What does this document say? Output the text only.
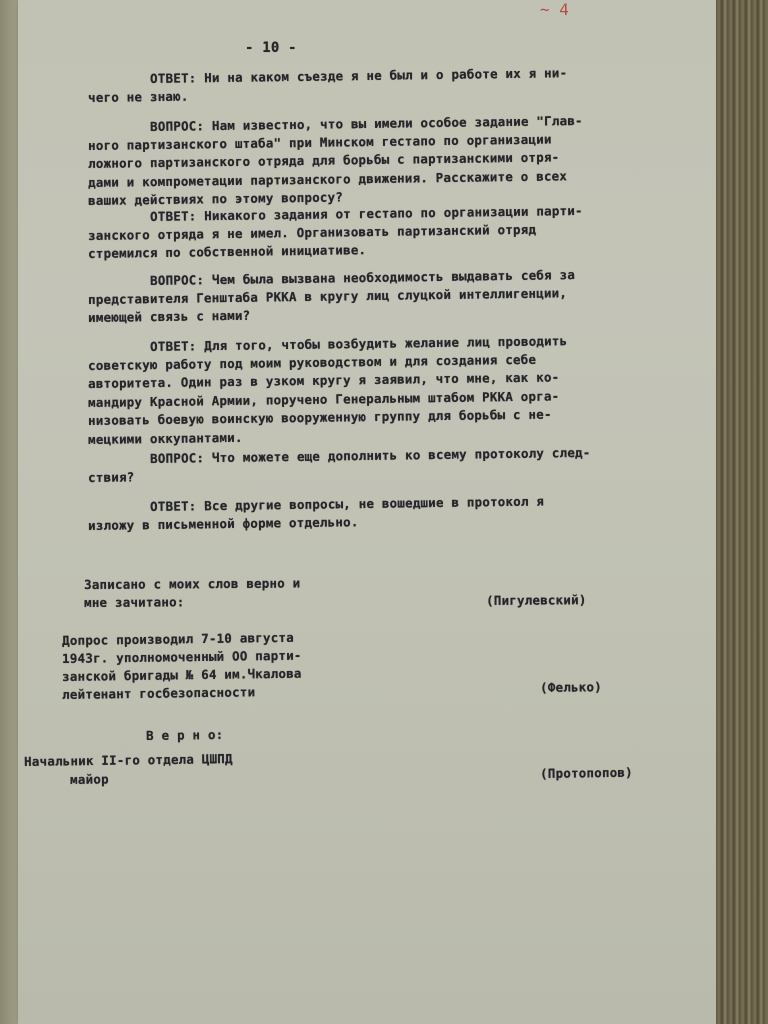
~ 4
- 10 -
ОТВЕТ: Ни на каком съезде я не был и о работе их я ни-
чего не знаю.
ВОПРОС: Нам известно, что вы имели особое задание "Глав-
ного партизанского штаба" при Минском гестапо по организации
ложного партизанского отряда для борьбы с партизанскими отря-
дами и компрометации партизанского движения. Расскажите о всех
ваших действиях по этому вопросу?
ОТВЕТ: Никакого задания от гестапо по организации парти-
занского отряда я не имел. Организовать партизанский отряд
стремился по собственной инициативе.
ВОПРОС: Чем была вызвана необходимость выдавать себя за
представителя Генштаба РККА в кругу лиц слуцкой интеллигенции,
имеющей связь с нами?
ОТВЕТ: Для того, чтобы возбудить желание лиц проводить
советскую работу под моим руководством и для создания себе
авторитета. Один раз в узком кругу я заявил, что мне, как ко-
мандиру Красной Армии, поручено Генеральным штабом РККА орга-
низовать боевую воинскую вооруженную группу для борьбы с не-
мецкими оккупантами.
ВОПРОС: Что можете еще дополнить ко всему протоколу след-
ствия?
ОТВЕТ: Все другие вопросы, не вошедшие в протокол я
изложу в письменной форме отдельно.
Записано с моих слов верно и
мне зачитано:	(Пигулевский)
Допрос производил 7-10 августа
1943г. уполномоченный ОО парти-
занской бригады № 64 им.Чкалова
лейтенант госбезопасности	(Фелько)
В е р н о:
Начальник II-го отдела ЦШПД
майор	(Протопопов)
